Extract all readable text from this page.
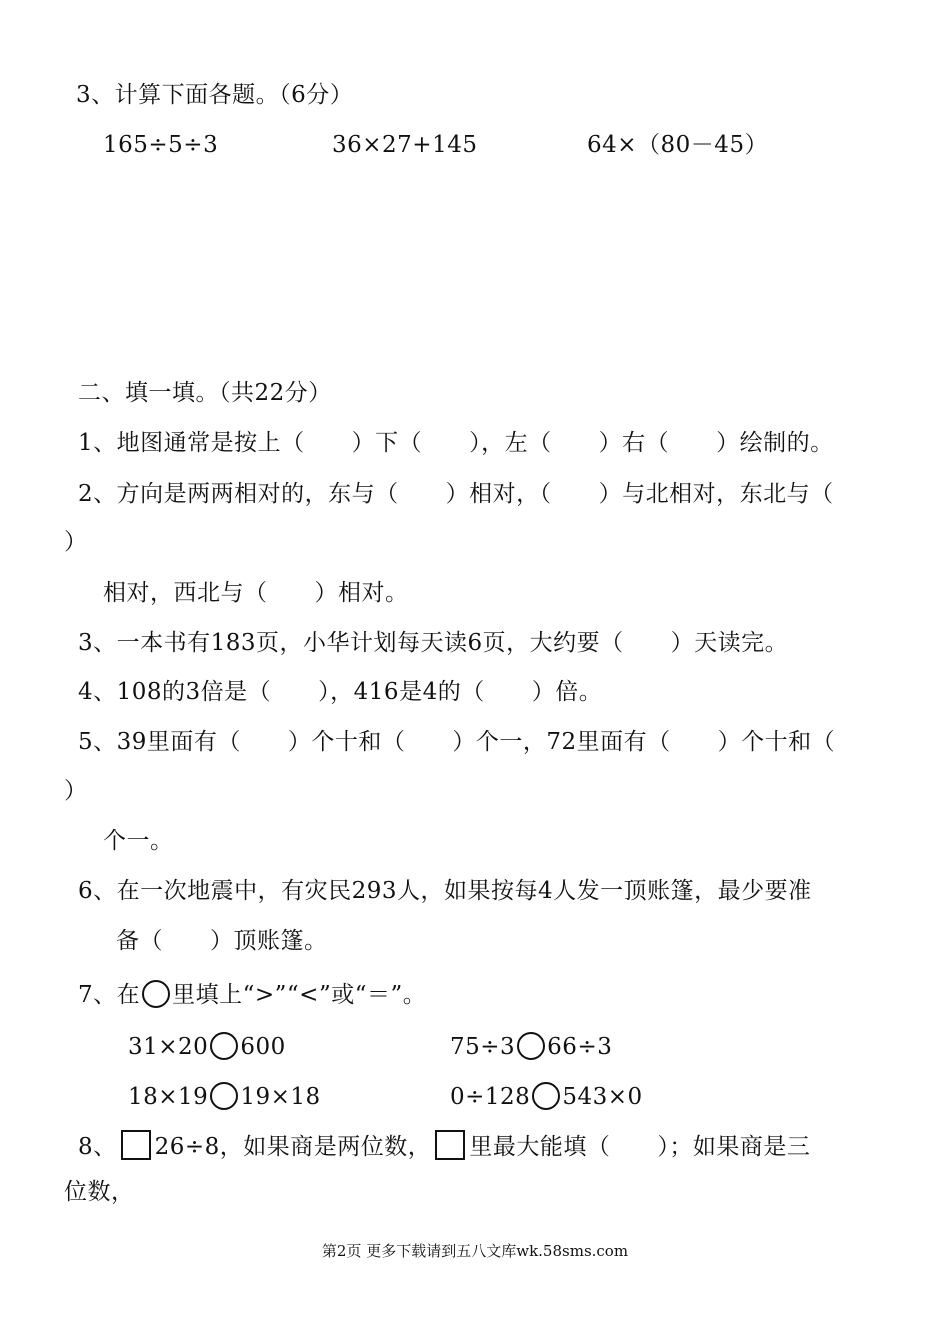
3、计算下面各题。（6分）
165÷5÷3	36×27+145	64×（80－45）
二、填一填。（共22分）
1、地图通常是按上（　　）下（　　），左（　　）右（　　）绘制的。
2、方向是两两相对的，东与（　　）相对，（　　）与北相对，东北与（
）
相对，西北与（　　）相对。
3、一本书有183页，小华计划每天读6页，大约要（　　）天读完。
4、108的3倍是（　　），416是4的（　　）倍。
5、39里面有（　　）个十和（　　）个一，72里面有（　　）个十和（
）
个一。
6、在一次地震中，有灾民293人，如果按每4人发一顶账篷，最少要准
备（　　）顶账篷。
7、在 里填上“>”“<”或“＝”。
31×20 600	75÷3 66÷3
18×19 19×18	0÷128 543×0
8、 26÷8，如果商是两位数， 里最大能填（　　）；如果商是三
位数，
第2页 更多下载请到五八文库wk.58sms.com
